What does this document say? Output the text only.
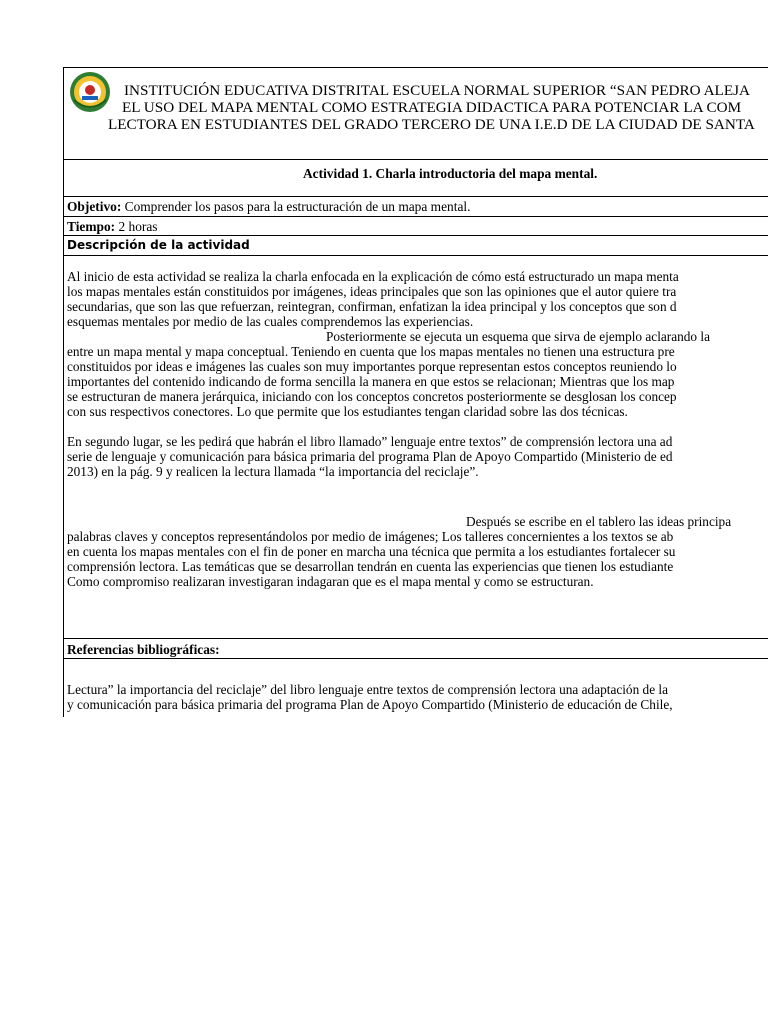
INSTITUCIÓN EDUCATIVA DISTRITAL ESCUELA NORMAL SUPERIOR “SAN PEDRO ALEJA
EL USO DEL MAPA MENTAL COMO ESTRATEGIA DIDACTICA PARA POTENCIAR LA COM
LECTORA EN ESTUDIANTES DEL GRADO TERCERO DE UNA I.E.D DE LA CIUDAD DE SANTA
Actividad 1. Charla introductoria del mapa mental.
Objetivo: Comprender los pasos para la estructuración de un mapa mental.
Tiempo: 2 horas
Descripción de la actividad
Al inicio de esta actividad se realiza la charla enfocada en la explicación de cómo está estructurado un mapa menta
los mapas mentales están constituidos por imágenes, ideas principales que son las opiniones que el autor quiere tra
secundarias, que son las que refuerzan, reintegran, confirman, enfatizan la idea principal y los conceptos que son d
esquemas mentales por medio de las cuales comprendemos las experiencias.
Posteriormente se ejecuta un esquema que sirva de ejemplo aclarando la
entre un mapa mental y mapa conceptual. Teniendo en cuenta que los mapas mentales no tienen una estructura pre
constituidos por ideas e imágenes las cuales son muy importantes porque representan estos conceptos reuniendo lo
importantes del contenido indicando de forma sencilla la manera en que estos se relacionan; Mientras que los map
se estructuran de manera jerárquica, iniciando con los conceptos concretos posteriormente se desglosan los concep
con sus respectivos conectores. Lo que permite que los estudiantes tengan claridad sobre las dos técnicas.
En segundo lugar, se les pedirá que habrán el libro llamado” lenguaje entre textos” de comprensión lectora una ad
serie de lenguaje y comunicación para básica primaria del programa Plan de Apoyo Compartido (Ministerio de ed
2013) en la pág. 9 y realicen la lectura llamada “la importancia del reciclaje”.
Después se escribe en el tablero las ideas principa
palabras claves y conceptos representándolos por medio de imágenes; Los talleres concernientes a los textos se ab
en cuenta los mapas mentales con el fin de poner en marcha una técnica que permita a los estudiantes fortalecer su
comprensión lectora. Las temáticas que se desarrollan tendrán en cuenta las experiencias que tienen los estudiante
Como compromiso realizaran investigaran indagaran que es el mapa mental y como se estructuran.
Referencias bibliográficas:
Lectura” la importancia del reciclaje” del libro lenguaje entre textos de comprensión lectora una adaptación de la
y comunicación para básica primaria del programa Plan de Apoyo Compartido (Ministerio de educación de Chile,
